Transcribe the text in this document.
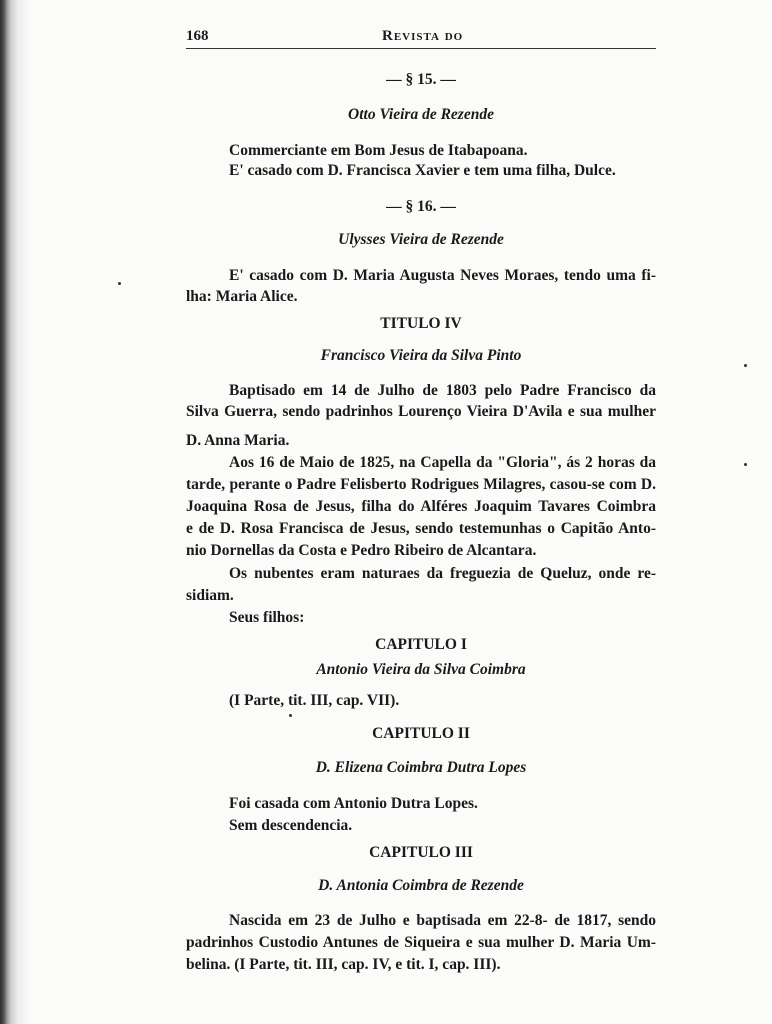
168	Revista do
— § 15. —
Otto Vieira de Rezende
Commerciante em Bom Jesus de Itabapoana.
E' casado com D. Francisca Xavier e tem uma filha, Dulce.
— § 16. —
Ulysses Vieira de Rezende
E' casado com D. Maria Augusta Neves Moraes, tendo uma fi-
lha: Maria Alice.
TITULO IV
Francisco Vieira da Silva Pinto
Baptisado em 14 de Julho de 1803 pelo Padre Francisco da
Silva Guerra, sendo padrinhos Lourenço Vieira D'Avila e sua mulher
D. Anna Maria.
Aos 16 de Maio de 1825, na Capella da "Gloria", ás 2 horas da
tarde, perante o Padre Felisberto Rodrigues Milagres, casou-se com D.
Joaquina Rosa de Jesus, filha do Alféres Joaquim Tavares Coimbra
e de D. Rosa Francisca de Jesus, sendo testemunhas o Capitão Anto-
nio Dornellas da Costa e Pedro Ribeiro de Alcantara.
Os nubentes eram naturaes da freguezia de Queluz, onde re-
sidiam.
Seus filhos:
CAPITULO I
Antonio Vieira da Silva Coimbra
(I Parte, tit. III, cap. VII).
CAPITULO II
D. Elizena Coimbra Dutra Lopes
Foi casada com Antonio Dutra Lopes.
Sem descendencia.
CAPITULO III
D. Antonia Coimbra de Rezende
Nascida em 23 de Julho e baptisada em 22-8- de 1817, sendo
padrinhos Custodio Antunes de Siqueira e sua mulher D. Maria Um-
belina. (I Parte, tit. III, cap. IV, e tit. I, cap. III).
